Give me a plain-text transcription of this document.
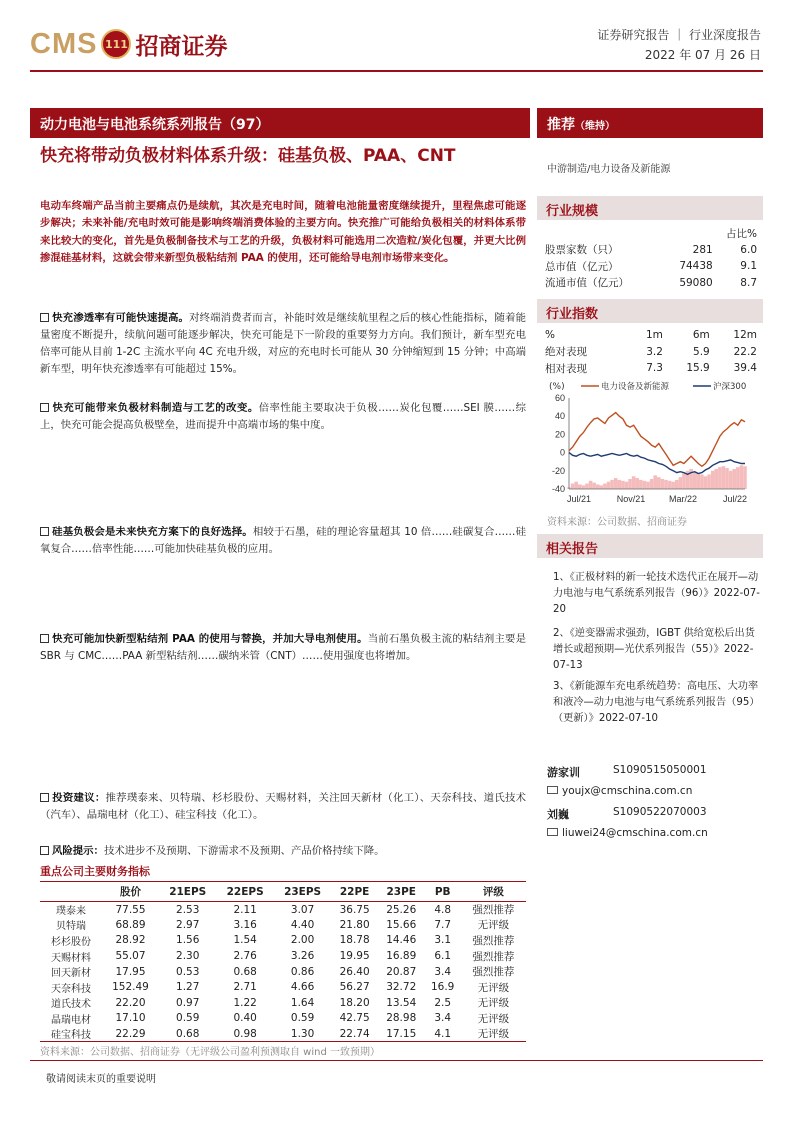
CMS 111 招商证券	证券研究报告 ｜ 行业深度报告
2022 年 07 月 26 日
动力电池与电池系统系列报告（97）	推荐（维持）
快充将带动负极材料体系升级：硅基负极、PAA、CNT
电动车终端产品当前主要痛点仍是续航，其次是充电时间，随着电池能量密度继续提升，里程焦虑可能逐步解决；未来补能/充电时效可能是影响终端消费体验的主要方向。快充推广可能给负极相关的材料体系带来比较大的变化，首先是负极制备技术与工艺的升级，负极材料可能选用二次造粒/炭化包覆，并更大比例掺混硅基材料，这就会带来新型负极粘结剂 PAA 的使用，还可能给导电剂市场带来变化。
快充渗透率有可能快速提高。对终端消费者而言，补能时效是继续航里程之后的核心性能指标，随着能量密度不断提升，续航问题可能逐步解决，快充可能是下一阶段的重要努力方向。我们预计，新车型充电倍率可能从目前 1-2C 主流水平向 4C 充电升级，对应的充电时长可能从 30 分钟缩短到 15 分钟；中高端新车型，明年快充渗透率有可能超过 15%。
快充可能带来负极材料制造与工艺的改变。倍率性能主要取决于负极……炭化包覆……SEI 膜……综上，快充可能会提高负极壁垒，进而提升中高端市场的集中度。
硅基负极会是未来快充方案下的良好选择。相较于石墨，硅的理论容量超其 10 倍……硅碳复合……硅氧复合……倍率性能……可能加快硅基负极的应用。
快充可能加快新型粘结剂 PAA 的使用与替换，并加大导电剂使用。当前石墨负极主流的粘结剂主要是 SBR 与 CMC……PAA 新型粘结剂……碳纳米管（CNT）……使用强度也将增加。
投资建议：推荐璞泰来、贝特瑞、杉杉股份、天赐材料，关注回天新材（化工）、天奈科技、道氏技术（汽车）、晶瑞电材（化工）、硅宝科技（化工）。
风险提示：技术进步不及预期、下游需求不及预期、产品价格持续下降。
重点公司主要财务指标
	股价	21EPS	22EPS	23EPS	22PE	23PE	PB	评级
璞泰来	77.55	2.53	2.11	3.07	36.75	25.26	4.8	强烈推荐
贝特瑞	68.89	2.97	3.16	4.40	21.80	15.66	7.7	无评级
杉杉股份	28.92	1.56	1.54	2.00	18.78	14.46	3.1	强烈推荐
天赐材料	55.07	2.30	2.76	3.26	19.95	16.89	6.1	强烈推荐
回天新材	17.95	0.53	0.68	0.86	26.40	20.87	3.4	强烈推荐
天奈科技	152.49	1.27	2.71	4.66	56.27	32.72	16.9	无评级
道氏技术	22.20	0.97	1.22	1.64	18.20	13.54	2.5	无评级
晶瑞电材	17.10	0.59	0.40	0.59	42.75	28.98	3.4	无评级
硅宝科技	22.29	0.68	0.98	1.30	22.74	17.15	4.1	无评级
资料来源：公司数据、招商证券（无评级公司盈利预测取自 wind 一致预期）
敬请阅读末页的重要说明
中游制造/电力设备及新能源
行业规模
		占比%
股票家数（只）	281	6.0
总市值（亿元）	74438	9.1
流通市值（亿元）	59080	8.7
行业指数
%	1m	6m	12m
绝对表现	3.2	5.9	22.2
相对表现	7.3	15.9	39.4
60
40
20
0
-20
-40
Jul/21	Nov/21	Mar/22	Jul/22
(%)	电力设备及新能源	沪深300
资料来源：公司数据、招商证券
相关报告
1、《正极材料的新一轮技术迭代正在展开—动力电池与电气系统系列报告（96）》2022-07-20
2、《逆变器需求强劲，IGBT 供给宽松后出货增长或超预期—光伏系列报告（55）》2022-07-13
3、《新能源车充电系统趋势：高电压、大功率和液冷—动力电池与电气系统系列报告（95）（更新）》2022-07-10
游家训	S1090515050001
youjx@cmschina.com.cn
刘巍	S1090522070003
liuwei24@cmschina.com.cn
